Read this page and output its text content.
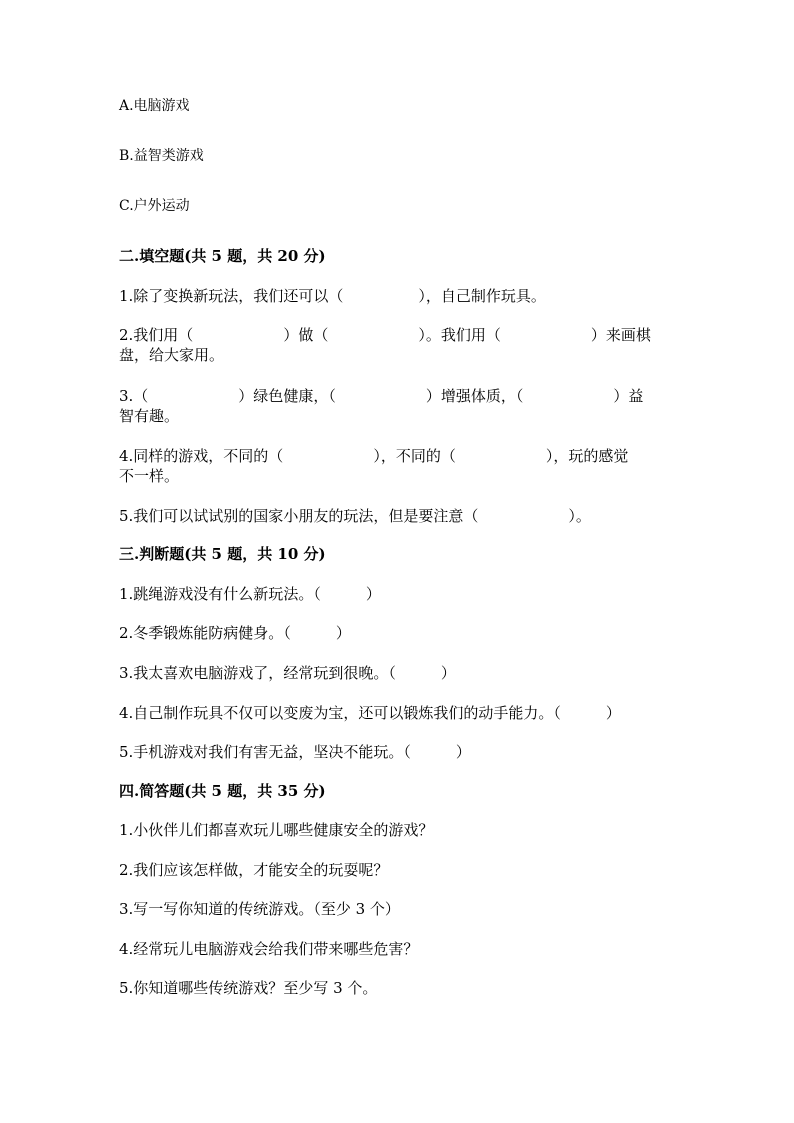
A.电脑游戏
B.益智类游戏
C.户外运动
二.填空题(共 5 题，共 20 分)
1.除了变换新玩法，我们还可以（　　　　　），自己制作玩具。
2.我们用（　　　　　　）做（　　　　　　）。我们用（　　　　　　）来画棋
盘，给大家用。
3.（　　　　　　）绿色健康，（　　　　　　）增强体质，（　　　　　　）益
智有趣。
4.同样的游戏，不同的（　　　　　　），不同的（　　　　　　），玩的感觉
不一样。
5.我们可以试试别的国家小朋友的玩法，但是要注意（　　　　　　）。
三.判断题(共 5 题，共 10 分)
1.跳绳游戏没有什么新玩法。（　　　）
2.冬季锻炼能防病健身。（　　　）
3.我太喜欢电脑游戏了，经常玩到很晚。（　　　）
4.自己制作玩具不仅可以变废为宝，还可以锻炼我们的动手能力。（　　　）
5.手机游戏对我们有害无益，坚决不能玩。（　　　）
四.简答题(共 5 题，共 35 分)
1.小伙伴儿们都喜欢玩儿哪些健康安全的游戏？
2.我们应该怎样做，才能安全的玩耍呢？
3.写一写你知道的传统游戏。（至少 3 个）
4.经常玩儿电脑游戏会给我们带来哪些危害？
5.你知道哪些传统游戏？至少写 3 个。
